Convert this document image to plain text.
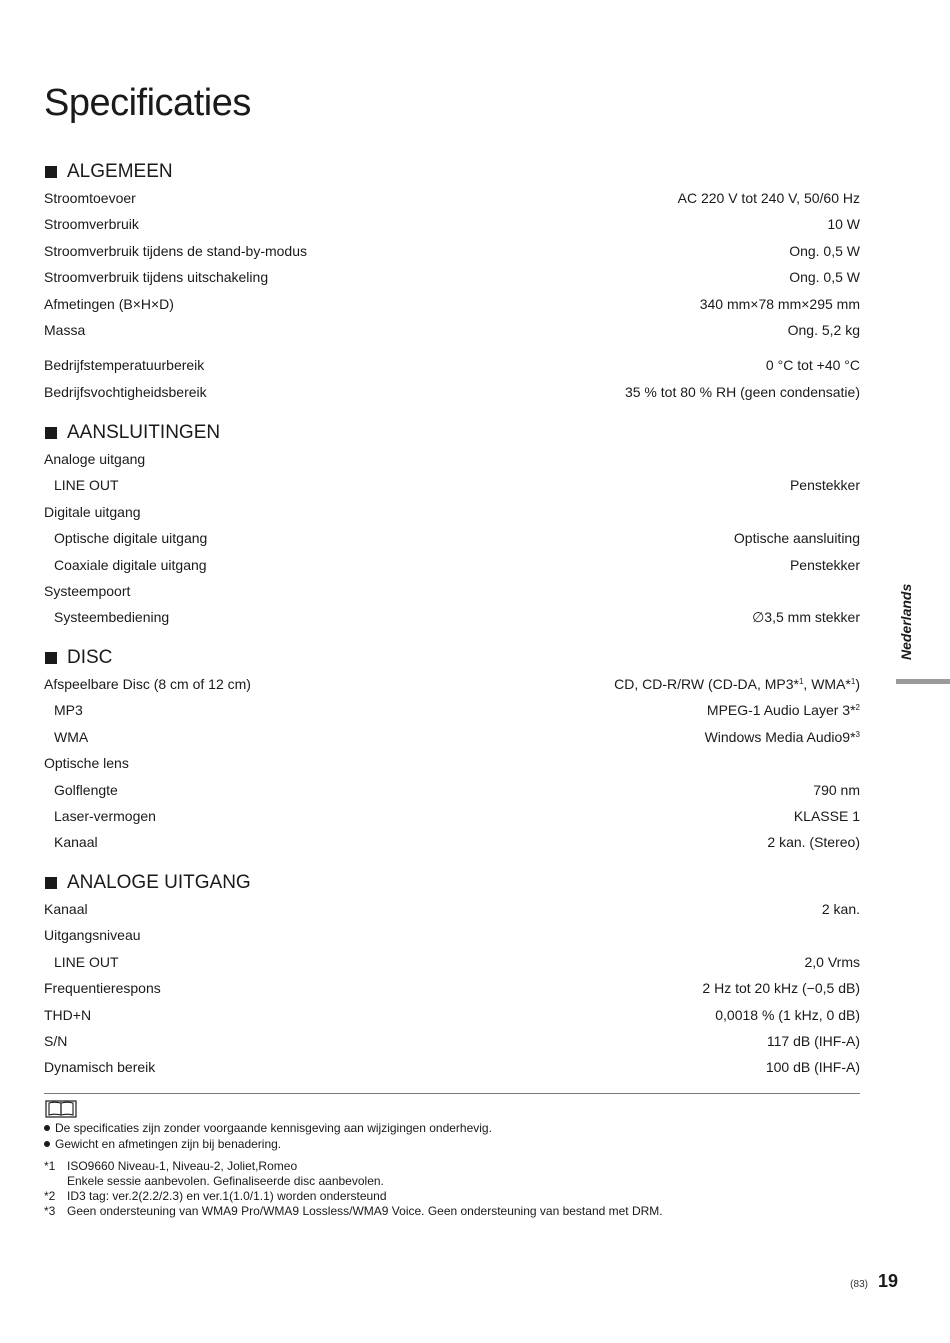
Specificaties
ALGEMEEN
Stroomtoevoer	AC 220 V tot 240 V, 50/60 Hz
Stroomverbruik	10 W
Stroomverbruik tijdens de stand-by-modus	Ong. 0,5 W
Stroomverbruik tijdens uitschakeling	Ong. 0,5 W
Afmetingen (B×H×D)	340 mm×78 mm×295 mm
Massa	Ong. 5,2 kg
Bedrijfstemperatuurbereik	0 °C tot +40 °C
Bedrijfsvochtigheidsbereik	35 % tot 80 % RH (geen condensatie)
AANSLUITINGEN
Analoge uitgang
LINE OUT	Penstekker
Digitale uitgang
Optische digitale uitgang	Optische aansluiting
Coaxiale digitale uitgang	Penstekker
Systeempoort
Systeembediening	∅3,5 mm stekker
DISC
Afspeelbare Disc (8 cm of 12 cm)	CD, CD-R/RW (CD-DA, MP3*$^1$, WMA*$^1$)
MP3	MPEG-1 Audio Layer 3*$^2$
WMA	Windows Media Audio9*$^3$
Optische lens
Golflengte	790 nm
Laser-vermogen	KLASSE 1
Kanaal	2 kan. (Stereo)
ANALOGE UITGANG
Kanaal	2 kan.
Uitgangsniveau
LINE OUT	2,0 Vrms
Frequentierespons	2 Hz tot 20 kHz (−0,5 dB)
THD+N	0,0018 % (1 kHz, 0 dB)
S/N	117 dB (IHF-A)
Dynamisch bereik	100 dB (IHF-A)
De specificaties zijn zonder voorgaande kennisgeving aan wijzigingen onderhevig.
Gewicht en afmetingen zijn bij benadering.
*1 ISO9660 Niveau-1, Niveau-2, Joliet,Romeo
Enkele sessie aanbevolen. Gefinaliseerde disc aanbevolen.
*2 ID3 tag: ver.2(2.2/2.3) en ver.1(1.0/1.1) worden ondersteund
*3 Geen ondersteuning van WMA9 Pro/WMA9 Lossless/WMA9 Voice. Geen ondersteuning van bestand met DRM.
Nederlands
(83) 19
